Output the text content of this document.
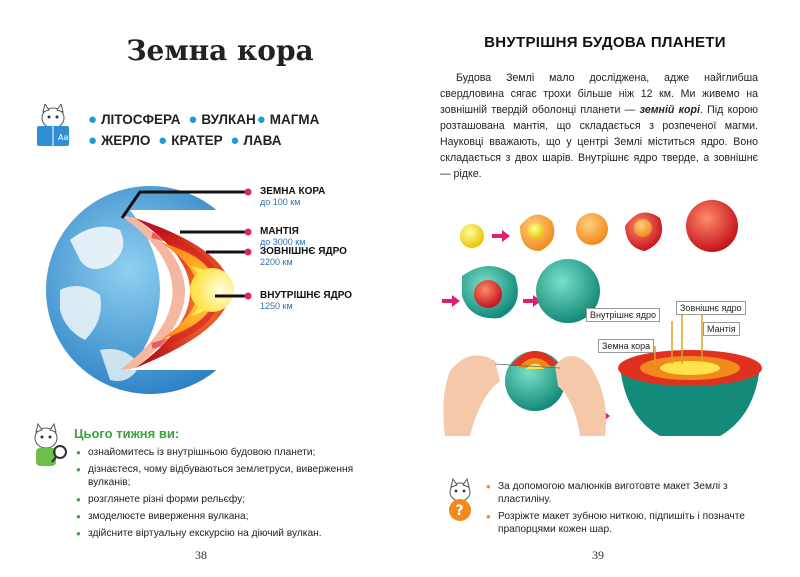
Земна кора
Aa
● ЛІТОСФЕРА ● ВУЛКАН● МАГМА
● ЖЕРЛО ● КРАТЕР ● ЛАВА
ЗЕМНА КОРА
до 100 км
МАНТІЯ
до 3000 км
ЗОВНІШНЄ ЯДРО
2200 км
ВНУТРІШНЄ ЯДРО
1250 км
Цього тижня ви:
● ознайомитесь із внутрішньою будовою планети;
● дізнаєтеся, чому відбуваються землетруси, виверження вулканів;
● розглянете різні форми рельєфу;
● змоделюєте виверження вулкана;
● здійсните віртуальну екскурсію на діючий вулкан.
38
ВНУТРІШНЯ БУДОВА ПЛАНЕТИ
Будова Землі мало досліджена, адже найглибша свердловина сягає трохи більше ніж 12 км. Ми живемо на зовнішній твердій оболонці планети — земній корі. Під корою розташована мантія, що складається з розпеченої магми. Науковці вважають, що у центрі Землі міститься ядро. Воно складається з двох шарів. Внутрішнє ядро тверде, а зовнішнє — рідке.
Внутрішнє ядро
Зовнішнє ядро
Мантія
Земна кора
?
● За допомогою малюнків виготовте макет Землі з пластиліну.
● Розріжте макет зубною ниткою, підпишіть і позначте прапорцями кожен шар.
39
